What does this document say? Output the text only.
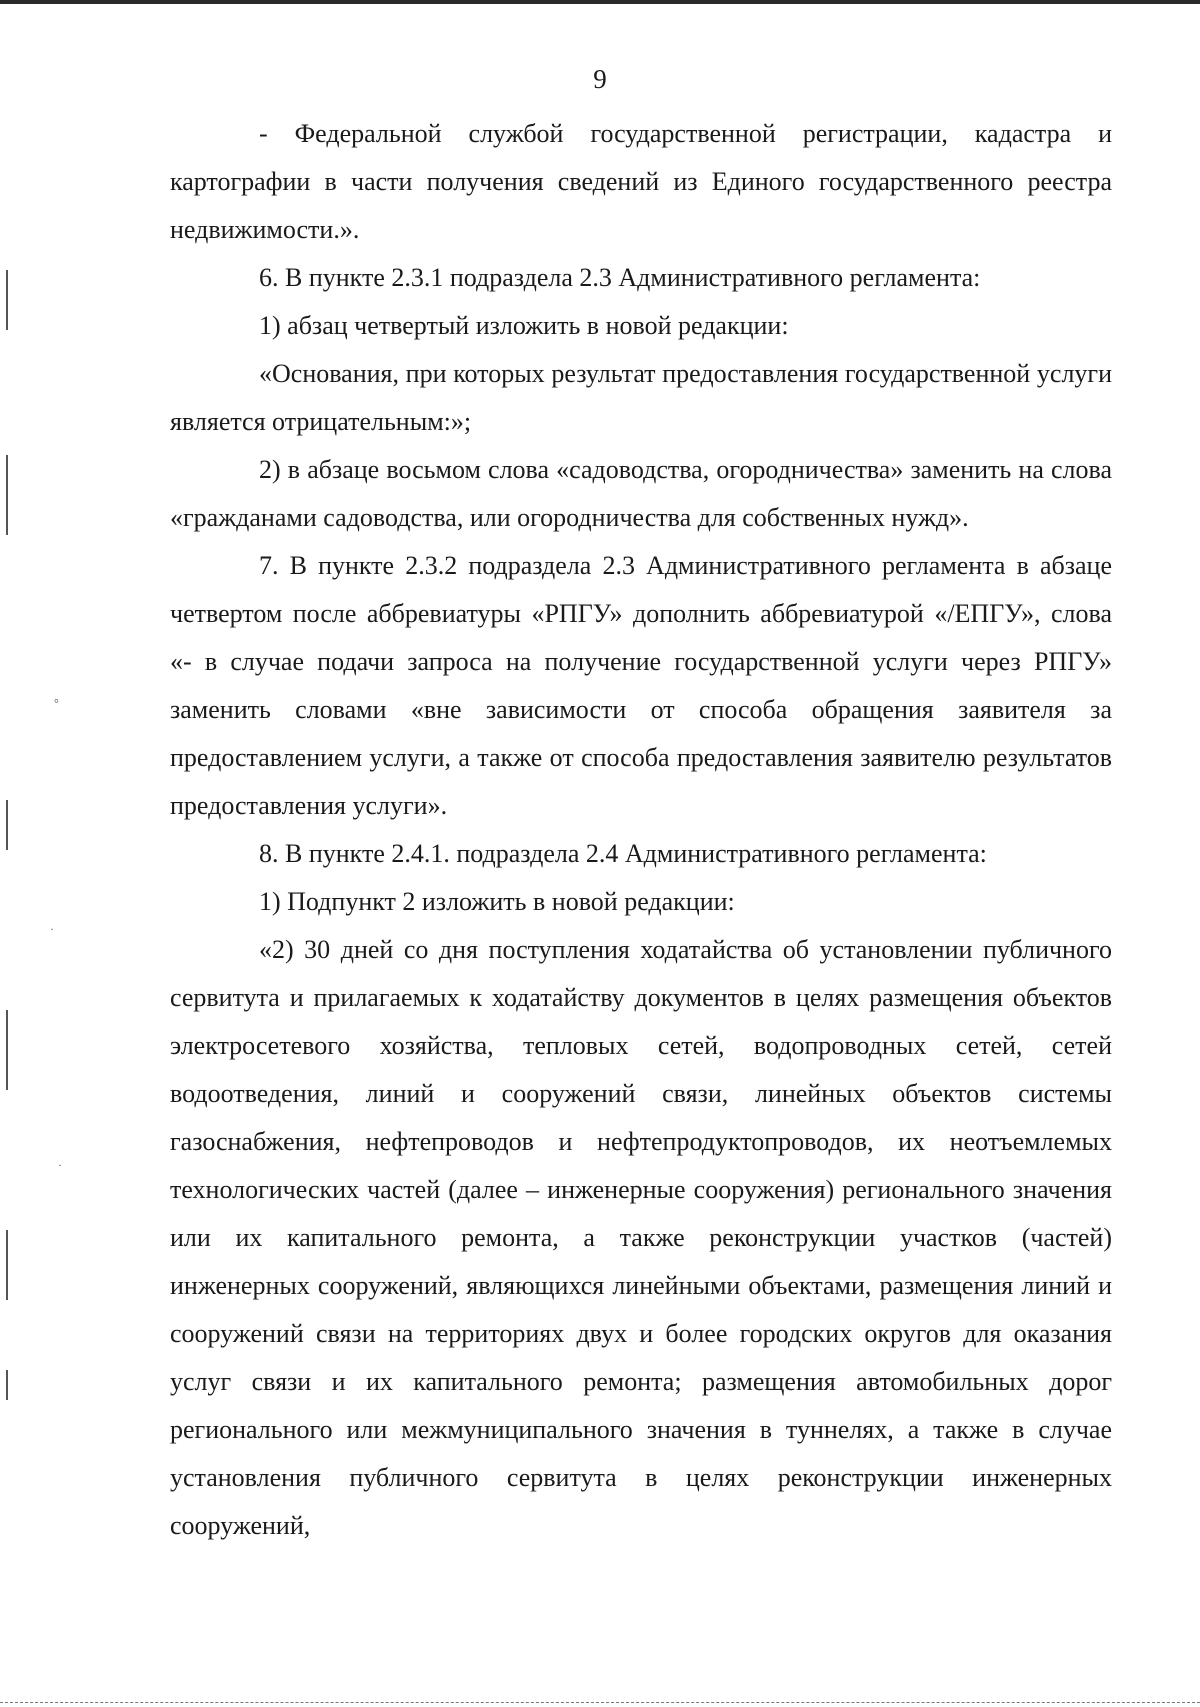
°
·
·
9

- Федеральной службой государственной регистрации, кадастра и картографии в части получения сведений из Единого государственного реестра недвижимости.».

6. В пункте 2.3.1 подраздела 2.3 Административного регламента:

1) абзац четвертый изложить в новой редакции:

«Основания, при которых результат предоставления государственной услуги является отрицательным:»;

2) в абзаце восьмом слова «садоводства, огородничества» заменить на слова «гражданами садоводства, или огородничества для собственных нужд».

7. В пункте 2.3.2 подраздела 2.3 Административного регламента в абзаце четвертом после аббревиатуры «РПГУ» дополнить аббревиатурой «/ЕПГУ», слова «- в случае подачи запроса на получение государственной услуги через РПГУ» заменить словами «вне зависимости от способа обращения заявителя за предоставлением услуги, а также от способа предоставления заявителю результатов предоставления услуги».

8. В пункте 2.4.1. подраздела 2.4 Административного регламента:

1) Подпункт 2 изложить в новой редакции:

«2) 30 дней со дня поступления ходатайства об установлении публичного сервитута и прилагаемых к ходатайству документов в целях размещения объектов электросетевого хозяйства, тепловых сетей, водопроводных сетей, сетей водоотведения, линий и сооружений связи, линейных объектов системы газоснабжения, нефтепроводов и нефтепродуктопроводов, их неотъемлемых технологических частей (далее – инженерные сооружения) регионального значения или их капитального ремонта, а также реконструкции участков (частей) инженерных сооружений, являющихся линейными объектами, размещения линий и сооружений связи на территориях двух и более городских округов для оказания услуг связи и их капитального ремонта; размещения автомобильных дорог регионального или межмуниципального значения в туннелях, а также в случае установления публичного сервитута в целях реконструкции инженерных сооружений,
